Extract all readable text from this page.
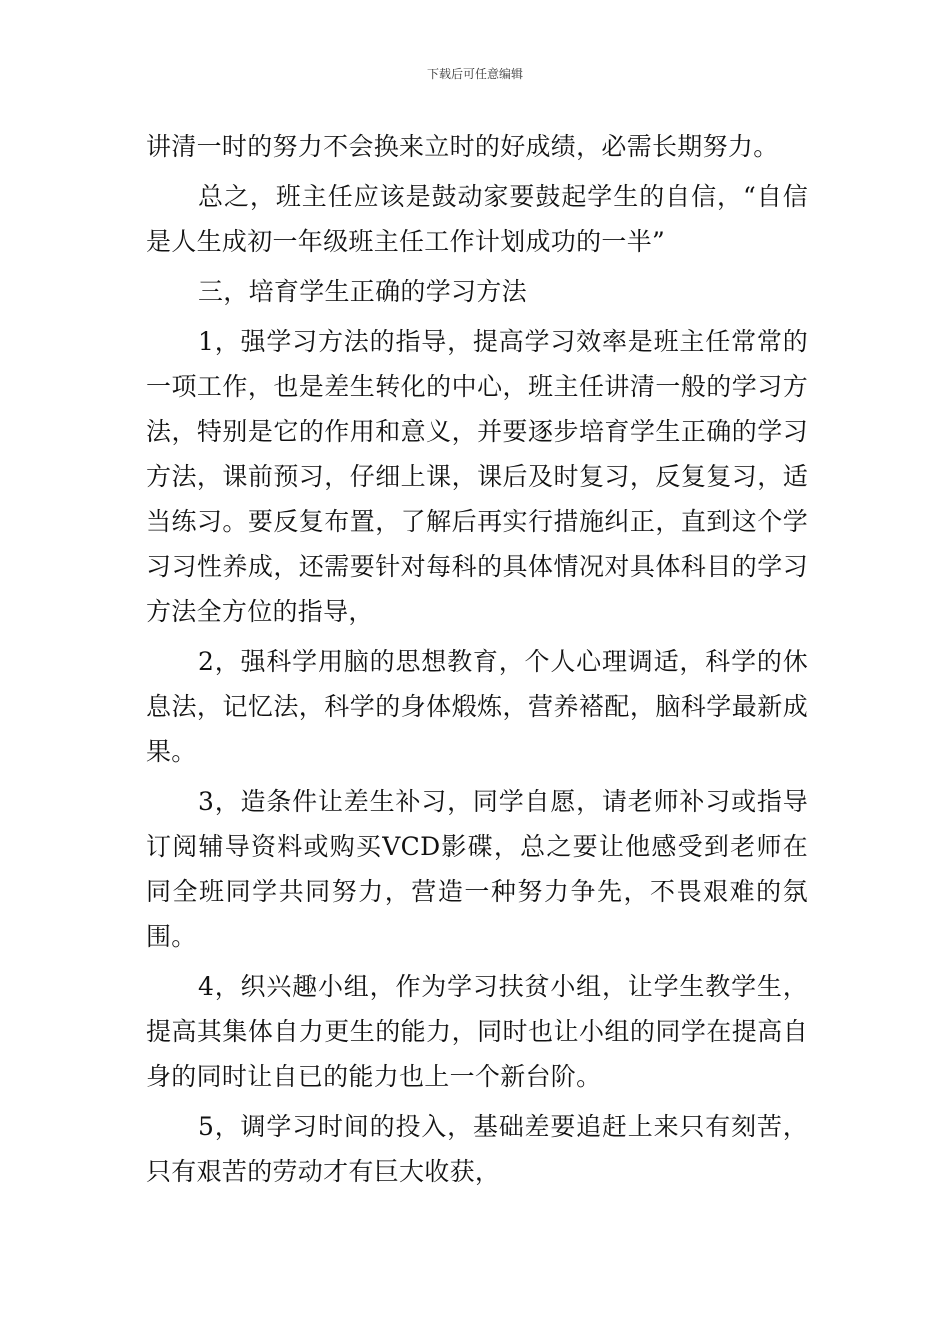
下载后可任意编辑

讲清一时的努力不会换来立时的好成绩，必需长期努力。

总之，班主任应该是鼓动家要鼓起学生的自信，“自信是人生成初一年级班主任工作计划成功的一半”

三，培育学生正确的学习方法

1，强学习方法的指导，提高学习效率是班主任常常的一项工作，也是差生转化的中心，班主任讲清一般的学习方法，特别是它的作用和意义，并要逐步培育学生正确的学习方法，课前预习，仔细上课，课后及时复习，反复复习，适当练习。要反复布置，了解后再实行措施纠正，直到这个学习习性养成，还需要针对每科的具体情况对具体科目的学习方法全方位的指导，

2，强科学用脑的思想教育，个人心理调适，科学的休息法，记忆法，科学的身体煅炼，营养褡配，脑科学最新成果。

3，造条件让差生补习，同学自愿，请老师补习或指导订阅辅导资料或购买VCD影碟，总之要让他感受到老师在同全班同学共同努力，营造一种努力争先，不畏艰难的氛围。

4，织兴趣小组，作为学习扶贫小组，让学生教学生，提高其集体自力更生的能力，同时也让小组的同学在提高自身的同时让自已的能力也上一个新台阶。

5，调学习时间的投入，基础差要追赶上来只有刻苦，只有艰苦的劳动才有巨大收获，
